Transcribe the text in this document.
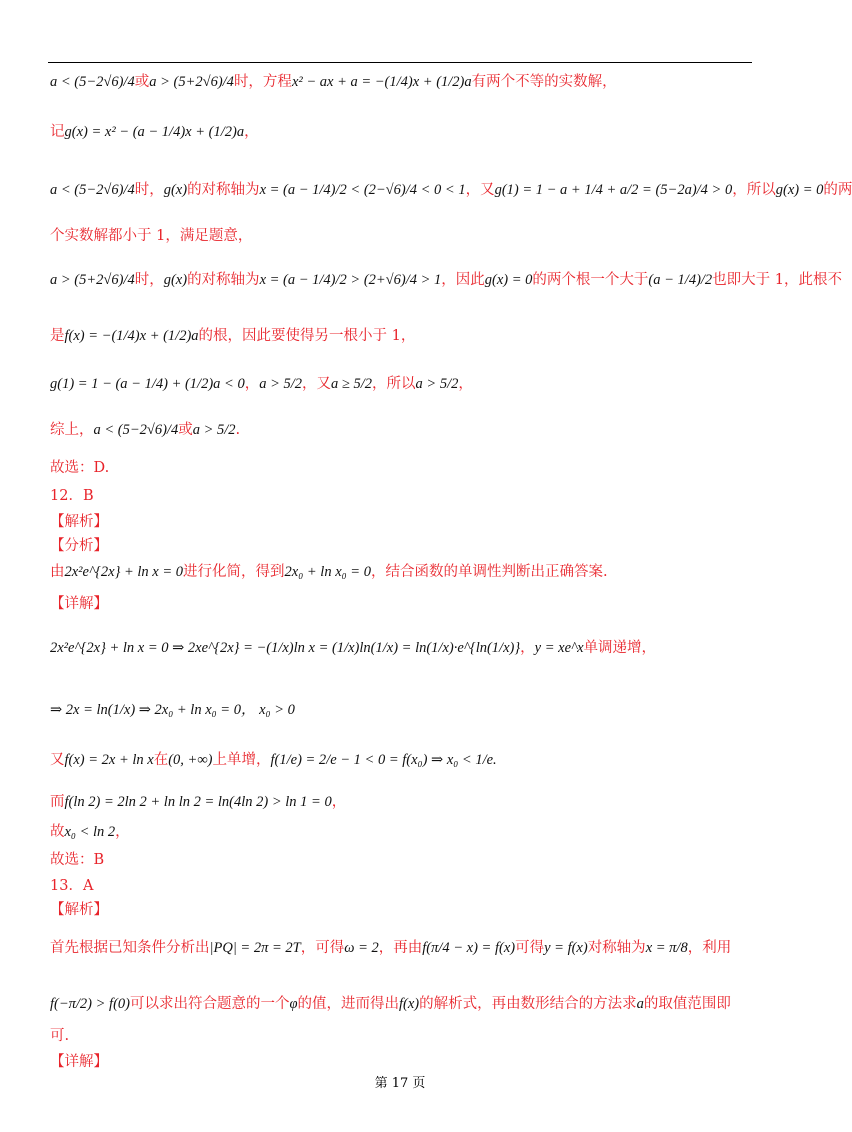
a < (5−2√6)/4或a > (5+2√6)/4时，方程x² − ax + a = −(1/4)x + (1/2)a有两个不等的实数解，
记g(x) = x² − (a − 1/4)x + (1/2)a，
a < (5−2√6)/4时，g(x)的对称轴为x = (a − 1/4)/2 < (2−√6)/4 < 0 < 1，又g(1) = 1 − a + 1/4 + a/2 = (5−2a)/4 > 0，所以g(x) = 0的两
个实数解都小于 1，满足题意，
a > (5+2√6)/4时，g(x)的对称轴为x = (a − 1/4)/2 > (2+√6)/4 > 1，因此g(x) = 0的两个根一个大于(a − 1/4)/2也即大于 1，此根不
是f(x) = −(1/4)x + (1/2)a的根，因此要使得另一根小于 1，
g(1) = 1 − (a − 1/4) + (1/2)a < 0，a > 5/2，又a ≥ 5/2，所以a > 5/2，
综上，a < (5−2√6)/4或a > 5/2.
故选：D.
12．B
【解析】
【分析】
由2x²e^{2x} + ln x = 0进行化简，得到2x₀ + ln x₀ = 0，结合函数的单调性判断出正确答案.
【详解】
2x²e^{2x} + ln x = 0 ⇒ 2xe^{2x} = −(1/x)ln x = (1/x)ln(1/x) = ln(1/x)·e^{ln(1/x)}，y = xe^x单调递增，
⇒ 2x = ln(1/x) ⇒ 2x₀ + ln x₀ = 0， x₀ > 0
又f(x) = 2x + ln x在(0, +∞)上单增，f(1/e) = 2/e − 1 < 0 = f(x₀) ⇒ x₀ < 1/e.
而f(ln 2) = 2ln 2 + ln ln 2 = ln(4ln 2) > ln 1 = 0，
故x₀ < ln 2，
故选：B
13．A
【解析】
首先根据已知条件分析出|PQ| = 2π = 2T，可得ω = 2，再由f(π/4 − x) = f(x)可得y = f(x)对称轴为x = π/8，利用
f(−π/2) > f(0)可以求出符合题意的一个φ的值，进而得出f(x)的解析式，再由数形结合的方法求a的取值范围即
可.
【详解】
第 17 页
